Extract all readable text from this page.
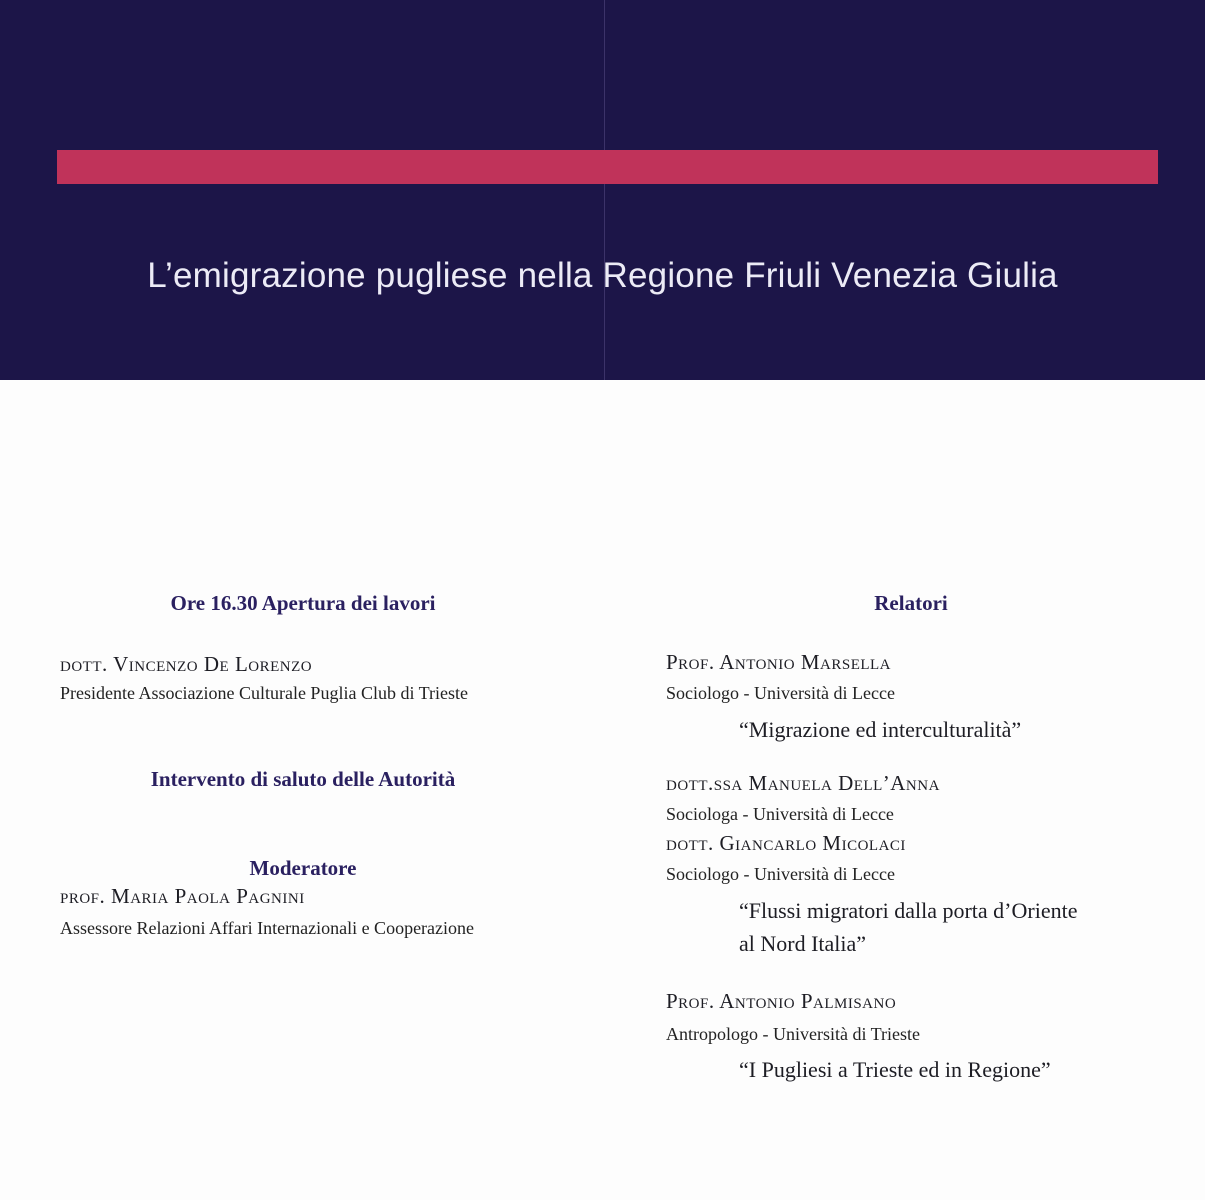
L’emigrazione pugliese nella Regione Friuli Venezia Giulia
Ore 16.30 Apertura dei lavori
dott. Vincenzo De Lorenzo
Presidente Associazione Culturale Puglia Club di Trieste
Intervento di saluto delle Autorità
Moderatore
prof. Maria Paola Pagnini
Assessore Relazioni Affari Internazionali e Cooperazione
Relatori
Prof. Antonio Marsella
Sociologo - Università di Lecce
“Migrazione ed interculturalità”
dott.ssa Manuela Dell’Anna
Sociologa - Università di Lecce
dott. Giancarlo Micolaci
Sociologo - Università di Lecce
“Flussi migratori dalla porta d’Oriente
al Nord Italia”
Prof. Antonio Palmisano
Antropologo - Università di Trieste
“I Pugliesi a Trieste ed in Regione”
